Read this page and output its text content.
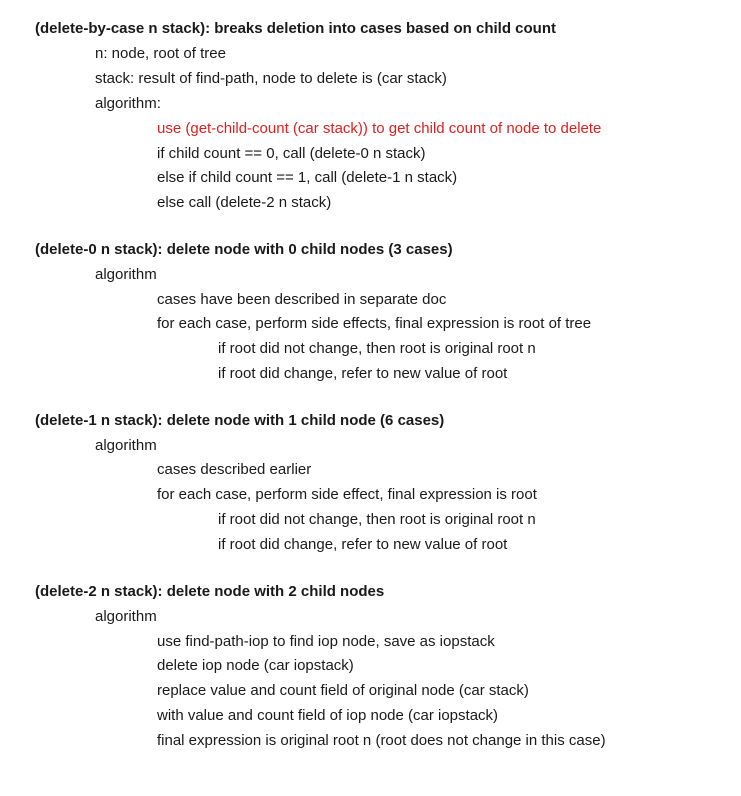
(delete-by-case n stack): breaks deletion into cases based on child count
n: node, root of tree
stack: result of find-path, node to delete is (car stack)
algorithm:
use (get-child-count (car stack)) to get child count of node to delete
if child count == 0, call (delete-0 n stack)
else if child count == 1, call (delete-1 n stack)
else call (delete-2 n stack)
(delete-0 n stack): delete node with 0 child nodes (3 cases)
algorithm
cases have been described in separate doc
for each case, perform side effects, final expression is root of tree
if root did not change, then root is original root n
if root did change, refer to new value of root
(delete-1 n stack): delete node with 1 child node (6 cases)
algorithm
cases described earlier
for each case, perform side effect, final expression is root
if root did not change, then root is original root n
if root did change, refer to new value of root
(delete-2 n stack): delete node with 2 child nodes
algorithm
use find-path-iop to find iop node, save as iopstack
delete iop node (car iopstack)
replace value and count field of original node (car stack)
with value and count field of iop node (car iopstack)
final expression is original root n (root does not change in this case)
